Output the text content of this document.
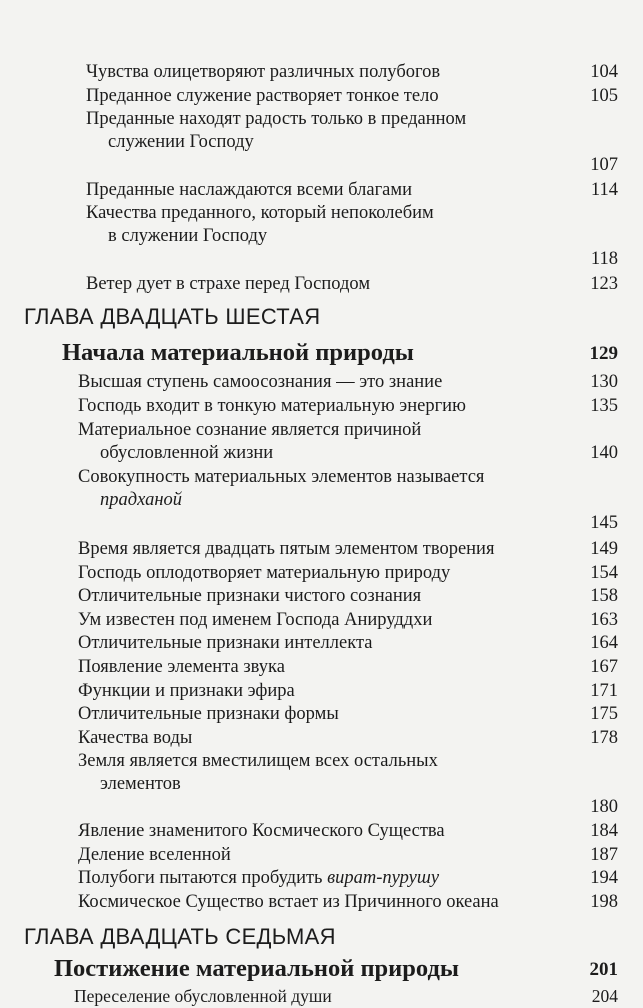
Чувства олицетворяют различных полубогов	104
Преданное служение растворяет тонкое тело	105
Преданные находят радость только в преданном
служении Господу
107
Преданные наслаждаются всеми благами	114
Качества преданного, который непоколебим
в служении Господу
118
Ветер дует в страхе перед Господом	123
ГЛАВА ДВАДЦАТЬ ШЕСТАЯ
Начала материальной природы	129
Высшая ступень самоосознания — это знание	130
Господь входит в тонкую материальную энергию	135
Материальное сознание является причиной
обусловленной жизни	140
Совокупность материальных элементов называется
прадханой
145
Время является двадцать пятым элементом творения	149
Господь оплодотворяет материальную природу	154
Отличительные признаки чистого сознания	158
Ум известен под именем Господа Анируддхи	163
Отличительные признаки интеллекта	164
Появление элемента звука	167
Функции и признаки эфира	171
Отличительные признаки формы	175
Качества воды	178
Земля является вместилищем всех остальных
элементов
180
Явление знаменитого Космического Существа	184
Деление вселенной	187
Полубоги пытаются пробудить вират-пурушу	194
Космическое Существо встает из Причинного океана	198
ГЛАВА ДВАДЦАТЬ СЕДЬМАЯ
Постижение материальной природы	201
Переселение обусловленной души	204
